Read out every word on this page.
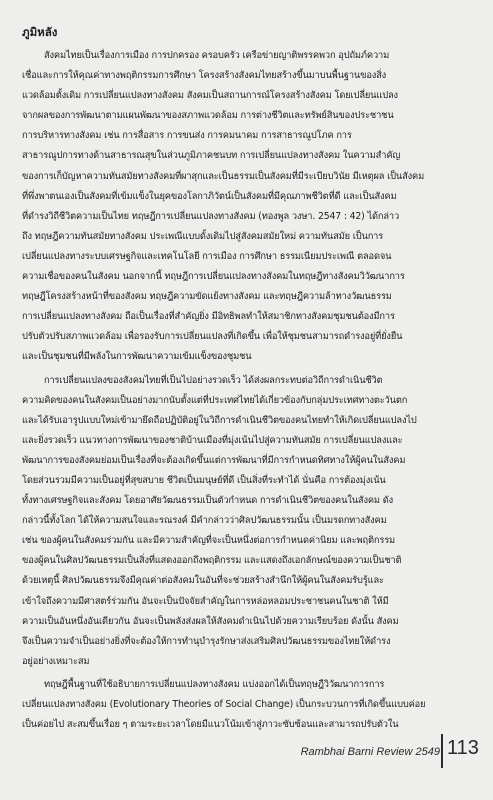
ภูมิหลัง
สังคมไทยเป็นเรื่องการเมือง การปกครอง ครอบครัว เครือข่ายญาติพรรคพวก อุปถัมภ์ความ
เชื่อและการให้คุณค่าทางพฤติกรรมการศึกษา โครงสร้างสังคมไทยสร้างขึ้นมาบนพื้นฐานของสิ่ง
แวดล้อมตั้งเดิม การเปลี่ยนแปลงทางสังคม สังคมเป็นสถานการณ์โครงสร้างสังคม โดยเปลี่ยนแปลง
จากผลของการพัฒนาตามแผนพัฒนาของสภาพแวดล้อม การต่างชีวิตและทรัพย์สินของประชาชน
การบริหารทางสังคม เช่น การสื่อสาร การขนส่ง การคมนาคม การสาธารณูปโภค การ
สาธารณูปการทางด้านสาธารณสุขในส่วนภูมิภาคชนบท การเปลี่ยนแปลงทางสังคม ในความสำคัญ
ของการเก็บัญหาความทันสมัยทางสังคมที่ผาสุกและเป็นธรรมเป็นสังคมที่มีระเบียบวินัย มีเหตุผล เป็นสังคม
ที่พึ่งพาตนเองเป็นสังคมที่เข้มแข็งในยุคของโลกาภิวัตน์เป็นสังคมที่มีคุณภาพชีวิตที่ดี และเป็นสังคม
ที่ดำรงวิถีชีวิตความเป็นไทย ทฤษฎีการเปลี่ยนแปลงทางสังคม (ทองพูล วงษา. 2547 : 42) ได้กล่าว
ถึง ทฤษฎีความทันสมัยทางสังคม ประเพณีแบบดั้งเดิมไปสู่สังคมสมัยใหม่ ความทันสมัย เป็นการ
เปลี่ยนแปลงทางระบบเศรษฐกิจและเทคโนโลยี การเมือง การศึกษา ธรรมเนียมประเพณี ตลอดจน
ความเชื่อของคนในสังคม นอกจากนี้ ทฤษฎีการเปลี่ยนแปลงทางสังคมในทฤษฎีทางสังคมวิวัฒนาการ
ทฤษฎีโครงสร้างหน้าที่ของสังคม ทฤษฎีความขัดแย้งทางสังคม และทฤษฎีความล้าทางวัฒนธรรม
การเปลี่ยนแปลงทางสังคม ถือเป็นเรื่องที่สำคัญยิ่ง มีอิทธิพลทำให้สมาชิกทางสังคมชุมชนต้องมีการ
ปรับตัวปรับสภาพแวดล้อม เพื่อรองรับการเปลี่ยนแปลงที่เกิดขึ้น เพื่อให้ชุมชนสามารถดำรงอยู่ที่ยั่งยืน
และเป็นชุมชนที่มีพลังในการพัฒนาความเข้มแข็งของชุมชน
การเปลี่ยนแปลงของสังคมไทยที่เป็นไปอย่างรวดเร็ว ได้ส่งผลกระทบต่อวิถีการดำเนินชีวิต
ความคิดของคนในสังคมเป็นอย่างมากนับตั้งแต่ที่ประเทศไทยได้เกี่ยวข้องกับกลุ่มประเทศทางตะวันตก
และได้รับเอารูปแบบใหม่เข้ามายึดถือปฏิบัติอยู่ในวิถีการดำเนินชีวิตของคนไทยทำให้เกิดเปลี่ยนแปลงไป
และยิ่งรวดเร็ว แนวทางการพัฒนาของชาติบ้านเมืองที่มุ่งเน้นไปสู่ความทันสมัย การเปลี่ยนแปลงและ
พัฒนาการของสังคมย่อมเป็นเรื่องที่จะต้องเกิดขึ้นแต่การพัฒนาที่มีการกำหนดทิศทางให้ผู้คนในสังคม
โดยส่วนรวมมีความเป็นอยู่ที่สุขสบาย ชีวิตเป็นมนุษย์ที่ดี เป็นสิ่งที่ระทำได้ นั่นคือ การต้องมุ่งเน้น
ทั้งทางเศรษฐกิจและสังคม โดยอาศัยวัฒนธรรมเป็นตัวกำหนด การดำเนินชีวิตของคนในสังคม ดัง
กล่าวนี้ทั้งโลก ได้ให้ความสนใจและรณรงค์ มีคำกล่าวว่าศิลปวัฒนธรรมนั้น เป็นมรดกทางสังคม
เช่น ของผู้คนในสังคมร่วมกัน และมีความสำคัญที่จะเป็นหนึ่งต่อการกำหนดค่านิยม และพฤติกรรม
ของผู้คนในศิลปวัฒนธรรมเป็นสิ่งที่แสดงออกถึงพฤติกรรม และแสดงถึงเอกลักษณ์ของความเป็นชาติ
ด้วยเหตุนี้ ศิลปวัฒนธรรมจึงมีคุณค่าต่อสังคมในอันที่จะช่วยสร้างสำนึกให้ผู้คนในสังคมรับรู้และ
เข้าใจถึงความมีศาสตร์ร่วมกัน อันจะเป็นปัจจัยสำคัญในการหล่อหลอมประชาชนคนในชาติ ให้มี
ความเป็นอันหนึ่งอันเดียวกัน อันจะเป็นพลังส่งผลให้สังคมดำเนินไปด้วยความเรียบร้อย ดังนั้น สังคม
จึงเป็นความจำเป็นอย่างยิ่งที่จะต้องให้การทำนุบำรุงรักษาส่งเสริมศิลปวัฒนธรรมของไทยให้ดำรง
อยู่อย่างเหมาะสม
ทฤษฎีพื้นฐานที่ใช้อธิบายการเปลี่ยนแปลงทางสังคม แบ่งออกได้เป็นทฤษฎีวิวัฒนาการการ
เปลี่ยนแปลงทางสังคม (Evolutionary Theories of Social Change) เป็นกระบวนการที่เกิดขึ้นแบบค่อย
เป็นค่อยไป สะสมขึ้นเรื่อย ๆ ตามระยะเวลาโดยมีแนวโน้มเข้าสู่ภาวะซับซ้อนและสามารถปรับตัวใน
Rambhai Barni Review 2549 113
